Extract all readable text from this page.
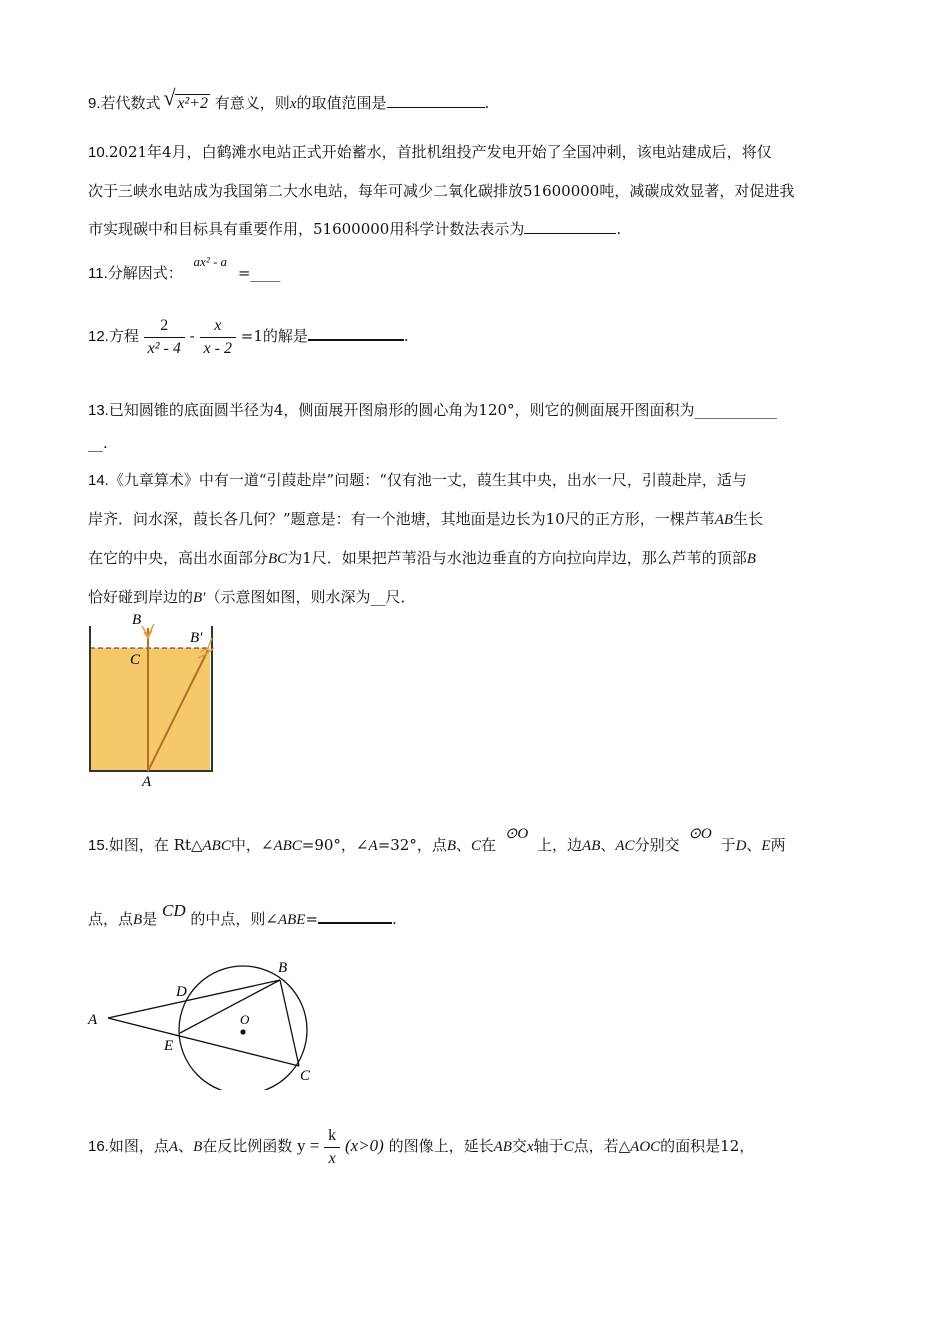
9.若代数式 √ x²+2 有意义，则x的取值范围是	.
10.2021年4月，白鹤滩水电站正式开始蓄水，首批机组投产发电开始了全国冲刺，该电站建成后，将仅
次于三峡水电站成为我国第二大水电站，每年可减少二氧化碳排放51600000吨，减碳成效显著，对促进我
市实现碳中和目标具有重要作用，51600000用科学计数法表示为	.
11.分解因式： ax² - a =____
12.方程 $\frac{2}{\text{x² - 4}} - \frac{x}{x - 2} =1$的解是	.
13.已知圆锥的底面圆半径为4，侧面展开图扇形的圆心角为120°，则它的侧面展开图面积为___________
__.
14.《九章算术》中有一道“引葭赴岸”问题：“仅有池一丈，葭生其中央，出水一尺，引葭赴岸，适与
岸齐．问水深，葭长各几何？”题意是：有一个池塘，其地面是边长为10尺的正方形，一棵芦苇AB生长
在它的中央，高出水面部分BC为1尺．如果把芦苇沿与水池边垂直的方向拉向岸边，那么芦苇的顶部B
恰好碰到岸边的B′（示意图如图，则水深为__尺．
B
B′
C
A
15.如图，在 Rt△ABC中，∠ABC=90°，∠A=32°，点B、C在 ⊙O 上，边AB、AC分别交 ⊙O 于D、E两
点，点B是 CD 的中点，则∠ABE=	.
A
B
C
D
E
O
16.如图，点A、B在反比例函数 $y = \frac{k}{x} (x>0)$ 的图像上，延长AB交x轴于C点，若△AOC的面积是12，
